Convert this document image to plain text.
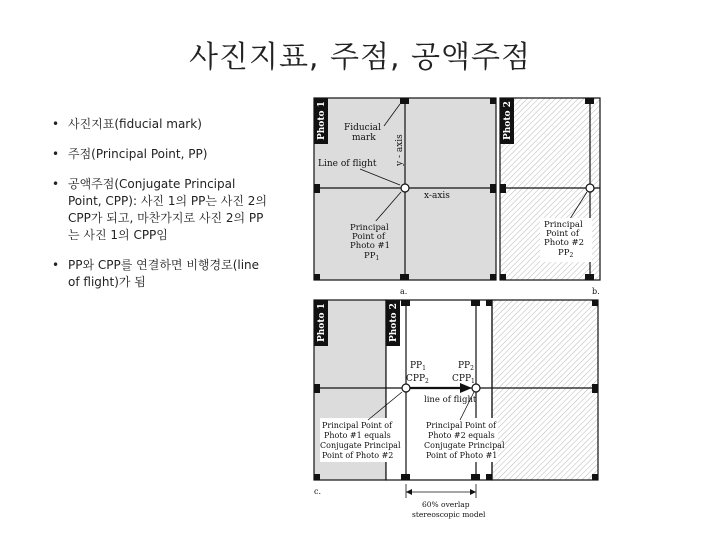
사진지표, 주점, 공액주점
• 사진지표(fiducial mark)
• 주점(Principal Point, PP)
• 공액주점(Conjugate Principal Point, CPP): 사진 1의 PP는 사진 2의 CPP가 되고, 마찬가지로 사진 2의 PP는 사진 1의 CPP임
• PP와 CPP를 연결하면 비행경로(line of flight)가 됨
Photo 1	Photo 2
Fiducial
mark
Line of flight y - axis
x-axis
Principal
Point of
Photo #1
$PP_1$
Principal
Point of
Photo #2
$PP_2$
a.	b.
Photo 1	Photo 2
$PP_1$
$CPP_2$
$PP_2$
$CPP_1$
line of flight
Principal Point of
Photo #1 equals
Conjugate Principal
Point of Photo #2
Principal Point of
Photo #2 equals
Conjugate Principal
Point of Photo #1
60% overlap
stereoscopic model
c.
